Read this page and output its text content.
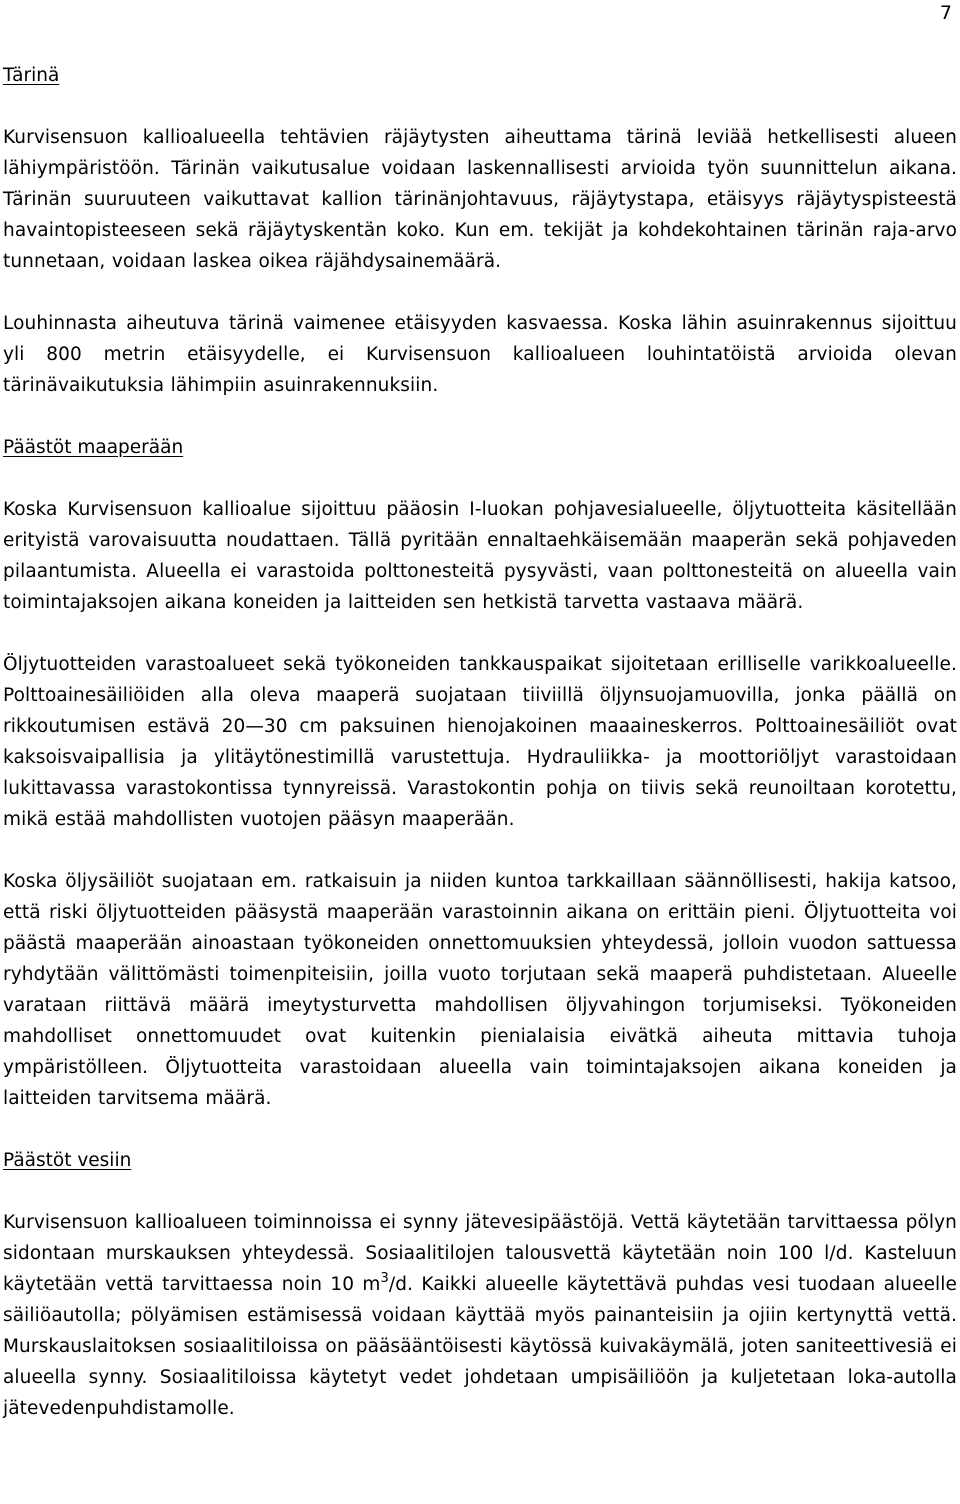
7

Tärinä

Kurvisensuon kallioalueella tehtävien räjäytysten aiheuttama tärinä leviää hetkellisesti alueen lähiympäristöön. Tärinän vaikutusalue voidaan laskennallisesti arvioida työn suunnittelun aikana. Tärinän suuruuteen vaikuttavat kallion tärinänjohtavuus, räjäytystapa, etäisyys räjäytyspisteestä havaintopisteeseen sekä räjäytyskentän koko. Kun em. tekijät ja kohdekohtainen tärinän raja-arvo tunnetaan, voidaan laskea oikea räjähdysainemäärä.

Louhinnasta aiheutuva tärinä vaimenee etäisyyden kasvaessa. Koska lähin asuinrakennus sijoittuu yli 800 metrin etäisyydelle, ei Kurvisensuon kallioalueen louhintatöistä arvioida olevan tärinävaikutuksia lähimpiin asuinrakennuksiin.

Päästöt maaperään

Koska Kurvisensuon kallioalue sijoittuu pääosin I-luokan pohjavesialueelle, öljytuotteita käsitellään erityistä varovaisuutta noudattaen. Tällä pyritään ennaltaehkäisemään maaperän sekä pohjaveden pilaantumista. Alueella ei varastoida polttonesteitä pysyvästi, vaan polttonesteitä on alueella vain toimintajaksojen aikana koneiden ja laitteiden sen hetkistä tarvetta vastaava määrä.

Öljytuotteiden varastoalueet sekä työkoneiden tankkauspaikat sijoitetaan erilliselle varikkoalueelle. Polttoainesäiliöiden alla oleva maaperä suojataan tiiviillä öljynsuojamuovilla, jonka päällä on rikkoutumisen estävä 20—30 cm paksuinen hienojakoinen maaaineskerros. Polttoainesäiliöt ovat kaksoisvaipallisia ja ylitäytönestimillä varustettuja. Hydrauliikka- ja moottoriöljyt varastoidaan lukittavassa varastokontissa tynnyreissä. Varastokontin pohja on tiivis sekä reunoiltaan korotettu, mikä estää mahdollisten vuotojen pääsyn maaperään.

Koska öljysäiliöt suojataan em. ratkaisuin ja niiden kuntoa tarkkaillaan säännöllisesti, hakija katsoo, että riski öljytuotteiden pääsystä maaperään varastoinnin aikana on erittäin pieni. Öljytuotteita voi päästä maaperään ainoastaan työkoneiden onnettomuuksien yhteydessä, jolloin vuodon sattuessa ryhdytään välittömästi toimenpiteisiin, joilla vuoto torjutaan sekä maaperä puhdistetaan. Alueelle varataan riittävä määrä imeytysturvetta mahdollisen öljyvahingon torjumiseksi. Työkoneiden mahdolliset onnettomuudet ovat kuitenkin pienialaisia eivätkä aiheuta mittavia tuhoja ympäristölleen. Öljytuotteita varastoidaan alueella vain toimintajaksojen aikana koneiden ja laitteiden tarvitsema määrä.

Päästöt vesiin

Kurvisensuon kallioalueen toiminnoissa ei synny jätevesipäästöjä. Vettä käytetään tarvittaessa pölyn sidontaan murskauksen yhteydessä. Sosiaalitilojen talousvettä käytetään noin 100 l/d. Kasteluun käytetään vettä tarvittaessa noin 10 $m^3/d$. Kaikki alueelle käytettävä puhdas vesi tuodaan alueelle säiliöautolla; pölyämisen estämisessä voidaan käyttää myös painanteisiin ja ojiin kertynyttä vettä. Murskauslaitoksen sosiaalitiloissa on pääsääntöisesti käytössä kuivakäymälä, joten saniteettivesiä ei alueella synny. Sosiaalitiloissa käytetyt vedet johdetaan umpisäiliöön ja kuljetetaan loka-autolla jätevedenpuhdistamolle.
